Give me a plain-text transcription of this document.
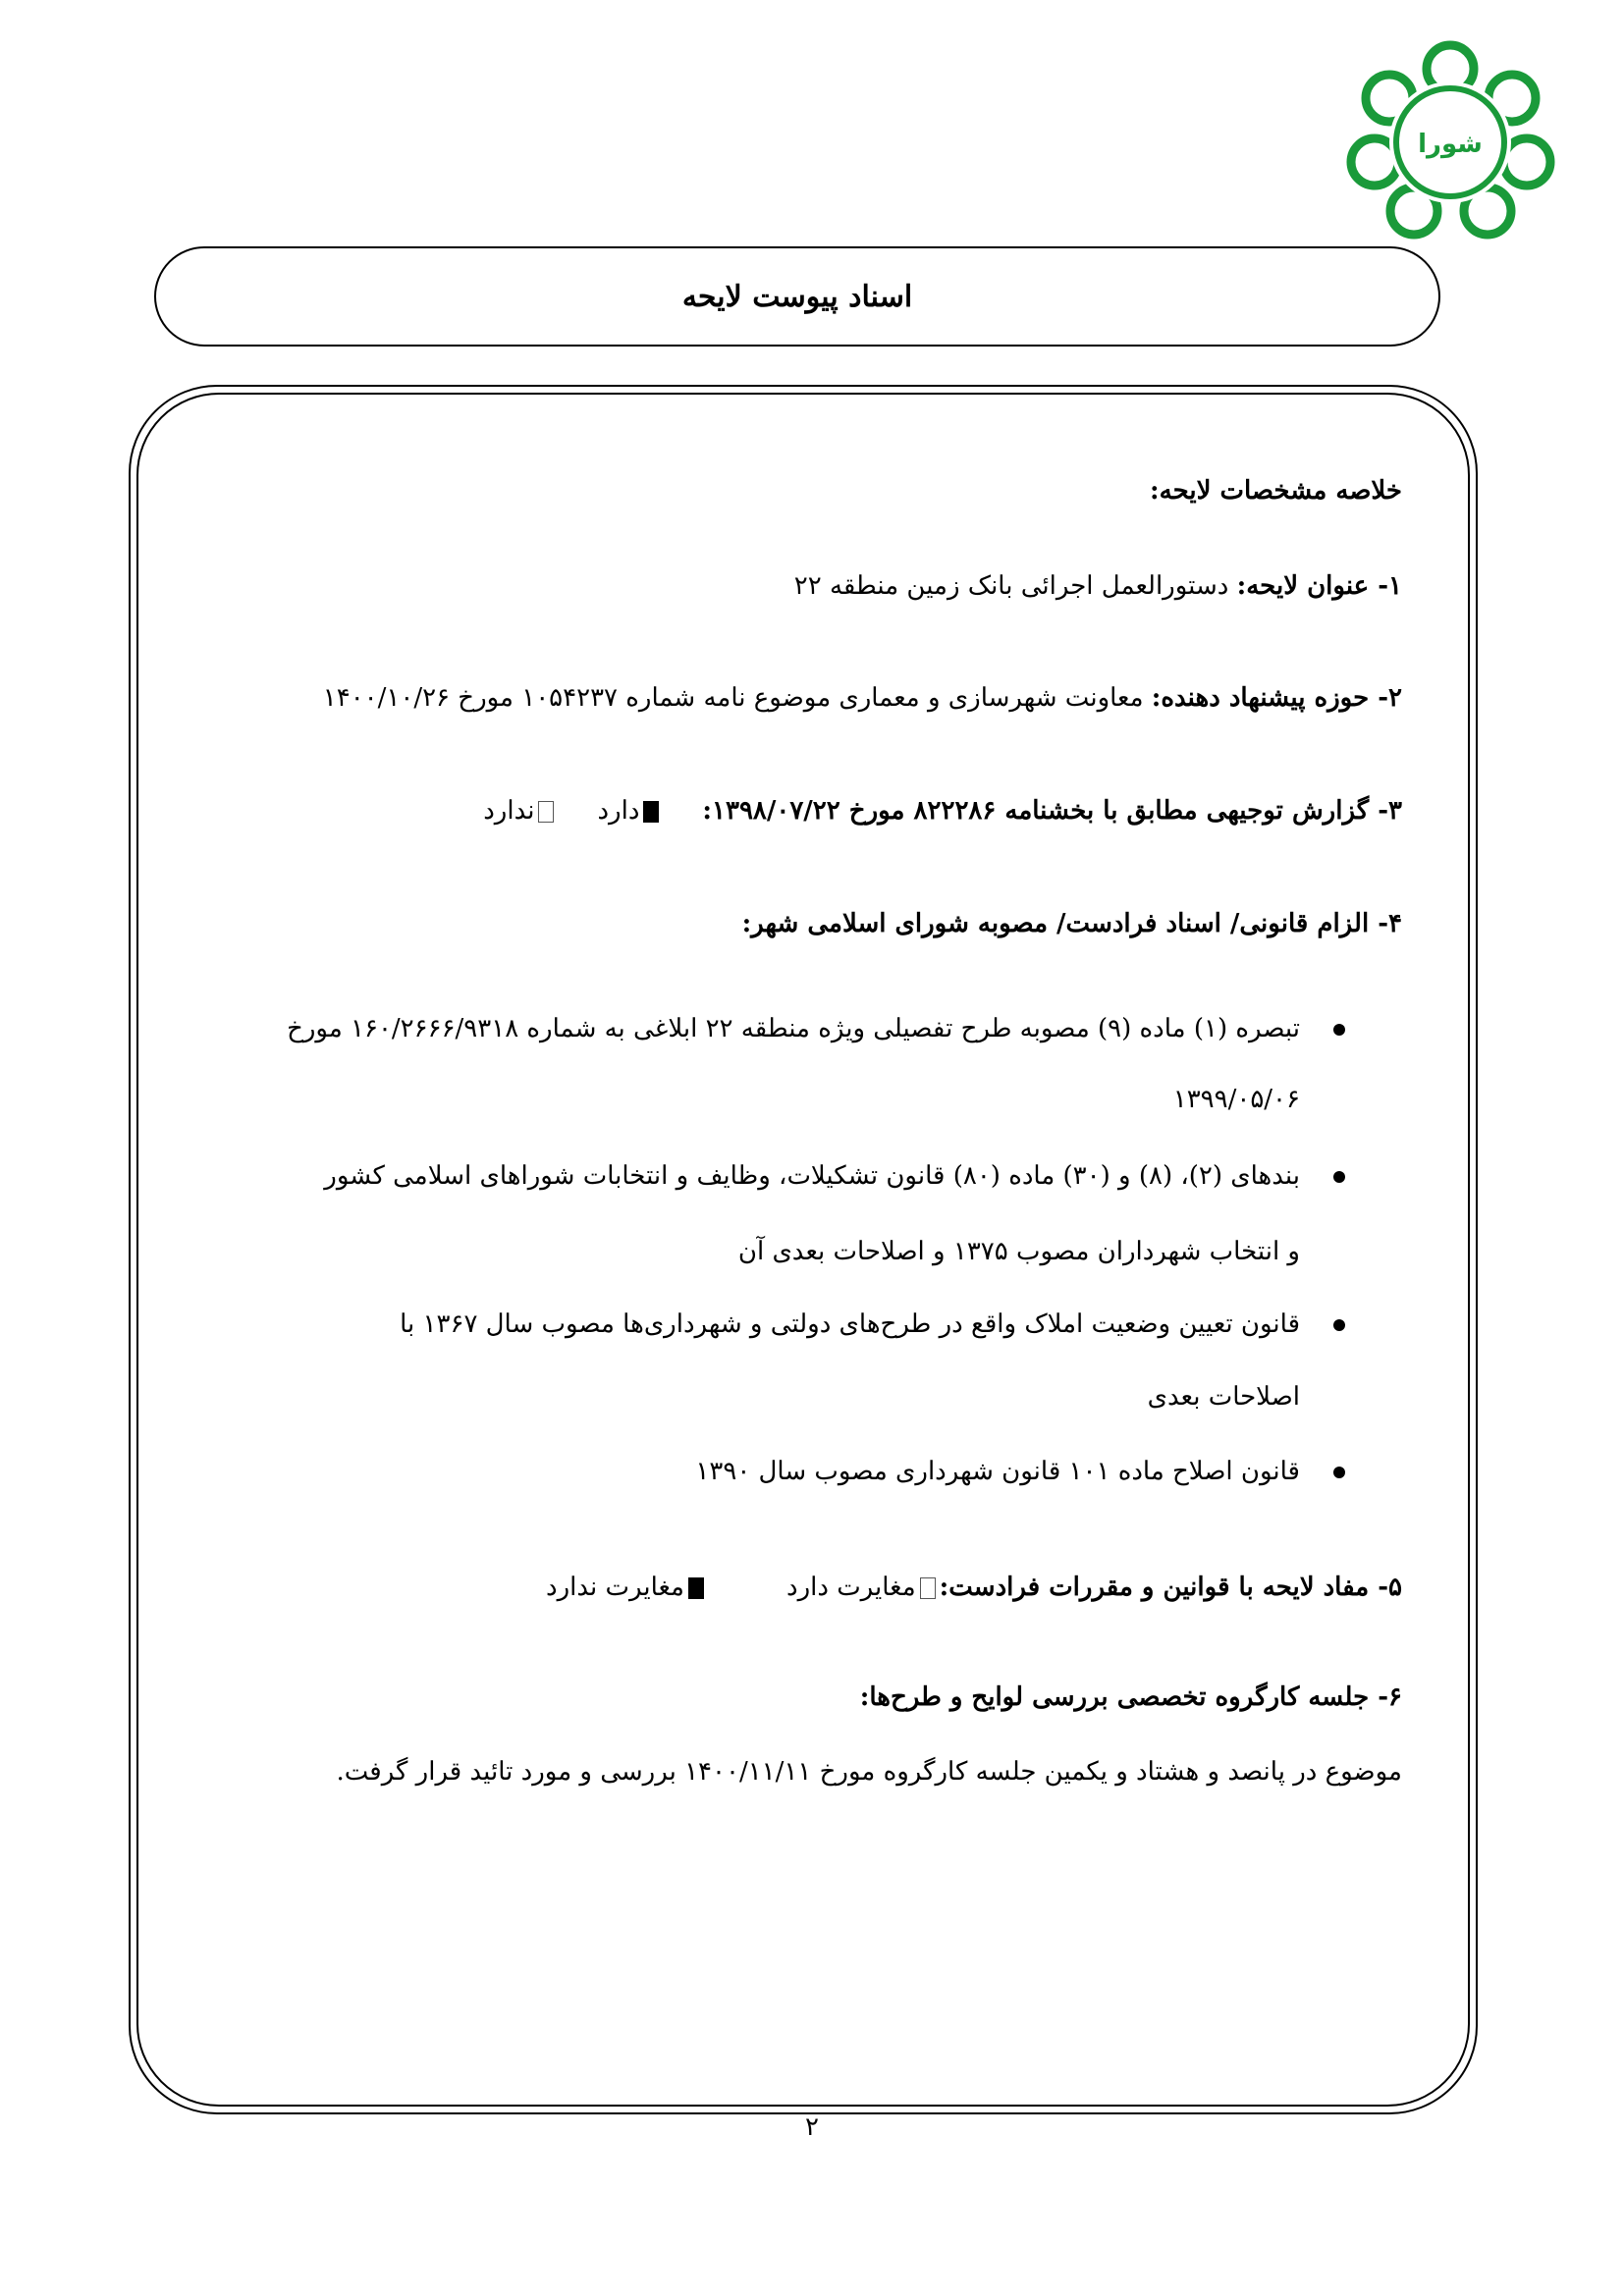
شورا
اسناد پیوست لایحه
خلاصه مشخصات لایحه:
۱- عنوان لایحه: دستورالعمل اجرائی بانک زمین منطقه ۲۲
۲- حوزه پیشنهاد دهنده: معاونت شهرسازی و معماری موضوع نامه شماره ۱۰۵۴۲۳۷ مورخ ۱۴۰۰/۱۰/۲۶
۳- گزارش توجیهی مطابق با بخشنامه ۸۲۲۲۸۶ مورخ ۱۳۹۸/۰۷/۲۲:داردندارد
۴- الزام قانونی/ اسناد فرادست/ مصوبه شورای اسلامی شهر:
تبصره (۱) ماده (۹) مصوبه طرح تفصیلی ویژه منطقه ۲۲ ابلاغی به شماره ۱۶۰/۲۶۶۶/۹۳۱۸ مورخ
۱۳۹۹/۰۵/۰۶
بندهای (۲)، (۸) و (۳۰) ماده (۸۰) قانون تشکیلات، وظایف و انتخابات شوراهای اسلامی کشور
و انتخاب شهرداران مصوب ۱۳۷۵ و اصلاحات بعدی آن
قانون تعیین وضعیت املاک واقع در طرح‌های دولتی و شهرداری‌ها مصوب سال ۱۳۶۷ با
اصلاحات بعدی
قانون اصلاح ماده ۱۰۱ قانون شهرداری مصوب سال ۱۳۹۰
۵- مفاد لایحه با قوانین و مقررات فرادست:مغایرت داردمغایرت ندارد
۶- جلسه کارگروه تخصصی بررسی لوایح و طرح‌ها:
موضوع در پانصد و هشتاد و یکمین جلسه کارگروه مورخ ۱۴۰۰/۱۱/۱۱ بررسی و مورد تائید قرار گرفت.
۲
